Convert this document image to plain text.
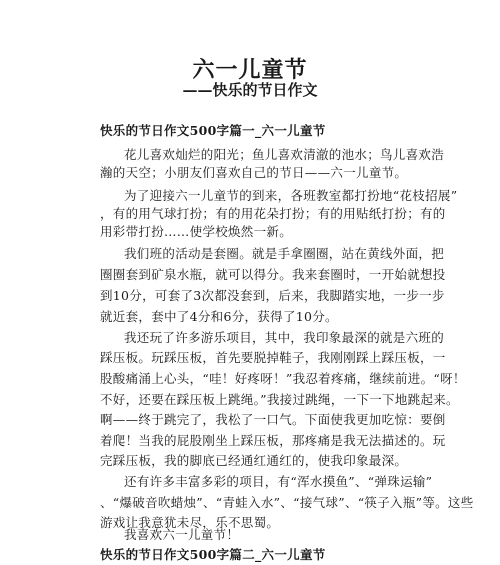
六一儿童节
——快乐的节日作文
快乐的节日作文500字篇一_六一儿童节
花儿喜欢灿烂的阳光；鱼儿喜欢清澈的池水；鸟儿喜欢浩
瀚的天空；小朋友们喜欢自己的节日——六一儿童节。
为了迎接六一儿童节的到来，各班教室都打扮地“花枝招展”
，有的用气球打扮；有的用花朵打扮；有的用贴纸打扮；有的
用彩带打扮……使学校焕然一新。
我们班的活动是套圈。就是手拿圈圈，站在黄线外面，把
圈圈套到矿泉水瓶，就可以得分。我来套圈时，一开始就想投
到10分，可套了3次都没套到，后来，我脚踏实地，一步一步
就近套，套中了4分和6分，获得了10分。
我还玩了许多游乐项目，其中，我印象最深的就是六班的
踩压板。玩踩压板，首先要脱掉鞋子，我刚刚踩上踩压板，一
股酸痛涌上心头，“哇！好疼呀！”我忍着疼痛，继续前进。“呀！
不好，还要在踩压板上跳绳。”我接过跳绳，一下一下地跳起来。
啊——终于跳完了，我松了一口气。下面使我更加吃惊：要倒
着爬！当我的屁股刚坐上踩压板，那疼痛是我无法描述的。玩
完踩压板，我的脚底已经通红通红的，使我印象最深。
还有许多丰富多彩的项目，有“浑水摸鱼”、“弹珠运输”
、“爆破音吹蜡烛”、“青蛙入水”、“接气球”、“筷子入瓶”等。这些
游戏让我意犹未尽，乐不思蜀。
我喜欢六一儿童节！
快乐的节日作文500字篇二_六一儿童节
